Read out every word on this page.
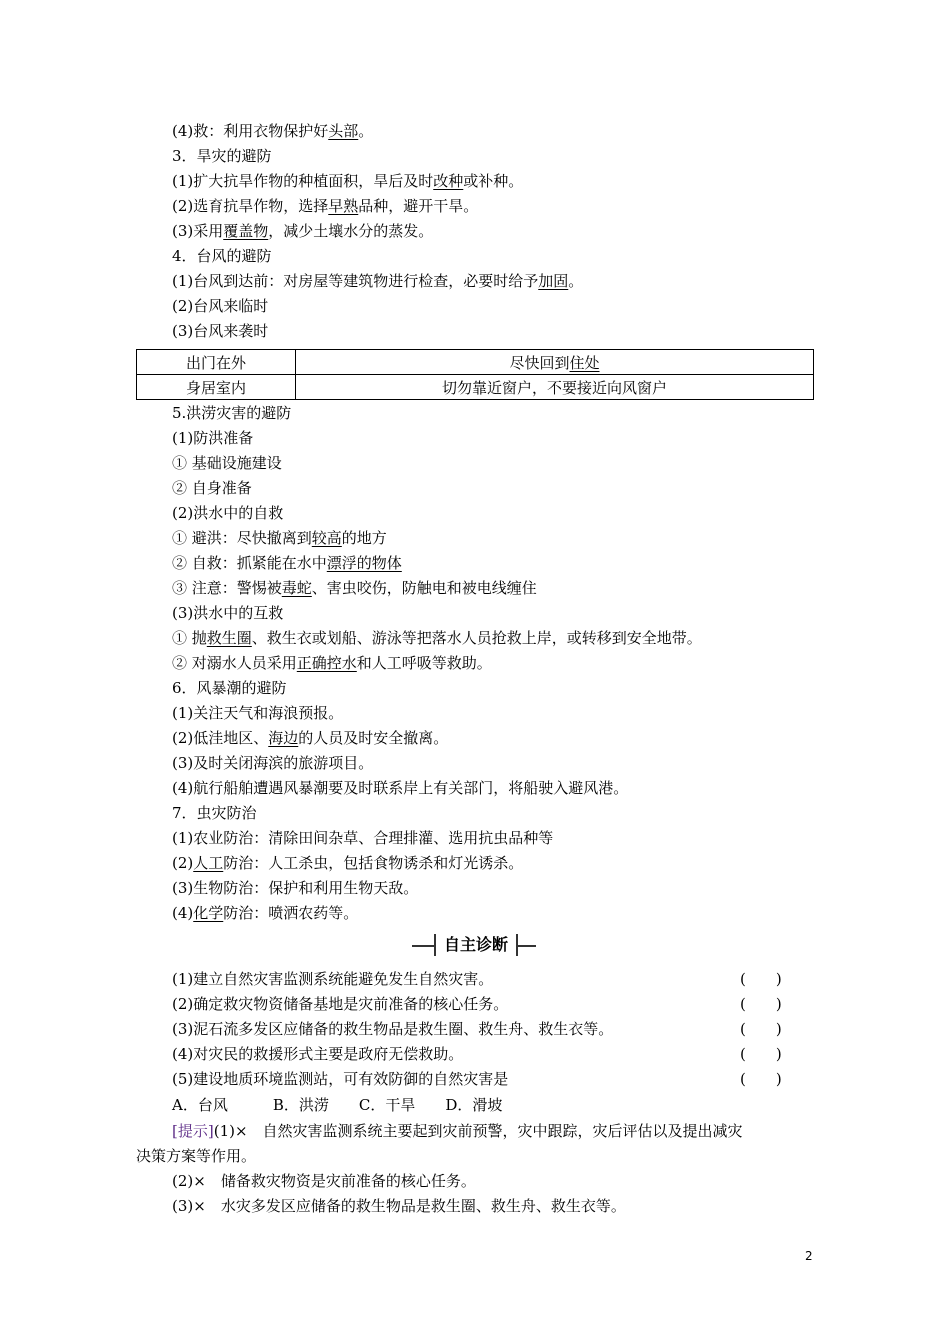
(4)救：利用衣物保护好头部。
3．旱灾的避防
(1)扩大抗旱作物的种植面积，旱后及时改种或补种。
(2)选育抗旱作物，选择早熟品种，避开干旱。
(3)采用覆盖物，减少土壤水分的蒸发。
4．台风的避防
(1)台风到达前：对房屋等建筑物进行检查，必要时给予加固。
(2)台风来临时
(3)台风来袭时
出门在外	尽快回到住处
身居室内	切勿靠近窗户，不要接近向风窗户
5.洪涝灾害的避防
(1)防洪准备
① 基础设施建设
② 自身准备
(2)洪水中的自救
① 避洪：尽快撤离到较高的地方
② 自救：抓紧能在水中漂浮的物体
③ 注意：警惕被毒蛇、害虫咬伤，防触电和被电线缠住
(3)洪水中的互救
① 抛救生圈、救生衣或划船、游泳等把落水人员抢救上岸，或转移到安全地带。
② 对溺水人员采用正确控水和人工呼吸等救助。
6．风暴潮的避防
(1)关注天气和海浪预报。
(2)低洼地区、海边的人员及时安全撤离。
(3)及时关闭海滨的旅游项目。
(4)航行船舶遭遇风暴潮要及时联系岸上有关部门，将船驶入避风港。
7．虫灾防治
(1)农业防治：清除田间杂草、合理排灌、选用抗虫品种等
(2)人工防治：人工杀虫，包括食物诱杀和灯光诱杀。
(3)生物防治：保护和利用生物天敌。
(4)化学防治：喷洒农药等。
自主诊断
(1)建立自然灾害监测系统能避免发生自然灾害。	(　　)
(2)确定救灾物资储备基地是灾前准备的核心任务。	(　　)
(3)泥石流多发区应储备的救生物品是救生圈、救生舟、救生衣等。	(　　)
(4)对灾民的救援形式主要是政府无偿救助。	(　　)
(5)建设地质环境监测站，可有效防御的自然灾害是	(　　)
A．台风　　　B．洪涝　　C．干旱　　D．滑坡
[提示](1)×　自然灾害监测系统主要起到灾前预警，灾中跟踪，灾后评估以及提出减灾
决策方案等作用。
(2)×　储备救灾物资是灾前准备的核心任务。
(3)×　水灾多发区应储备的救生物品是救生圈、救生舟、救生衣等。
2
